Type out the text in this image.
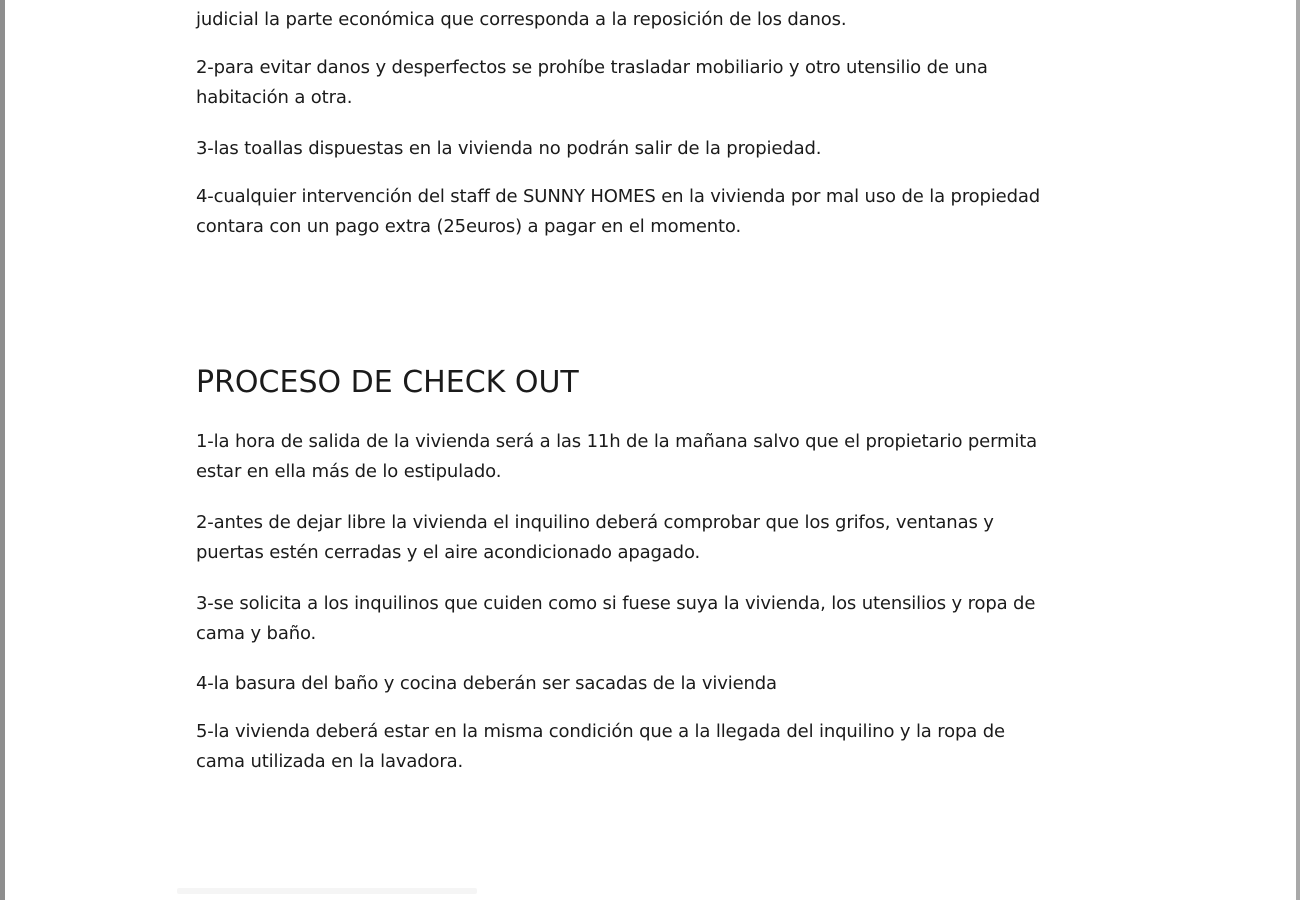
judicial la parte económica que corresponda a la reposición de los danos.

2-para evitar danos y desperfectos se prohíbe trasladar mobiliario y otro utensilio de una
habitación a otra.

3-las toallas dispuestas en la vivienda no podrán salir de la propiedad.

4-cualquier intervención del staff de SUNNY HOMES en la vivienda por mal uso de la propiedad
contara con un pago extra (25euros) a pagar en el momento.

PROCESO DE CHECK OUT

1-la hora de salida de la vivienda será a las 11h de la mañana salvo que el propietario permita
estar en ella más de lo estipulado.

2-antes de dejar libre la vivienda el inquilino deberá comprobar que los grifos, ventanas y
puertas estén cerradas y el aire acondicionado apagado.

3-se solicita a los inquilinos que cuiden como si fuese suya la vivienda, los utensilios y ropa de
cama y baño.

4-la basura del baño y cocina deberán ser sacadas de la vivienda

5-la vivienda deberá estar en la misma condición que a la llegada del inquilino y la ropa de
cama utilizada en la lavadora.
